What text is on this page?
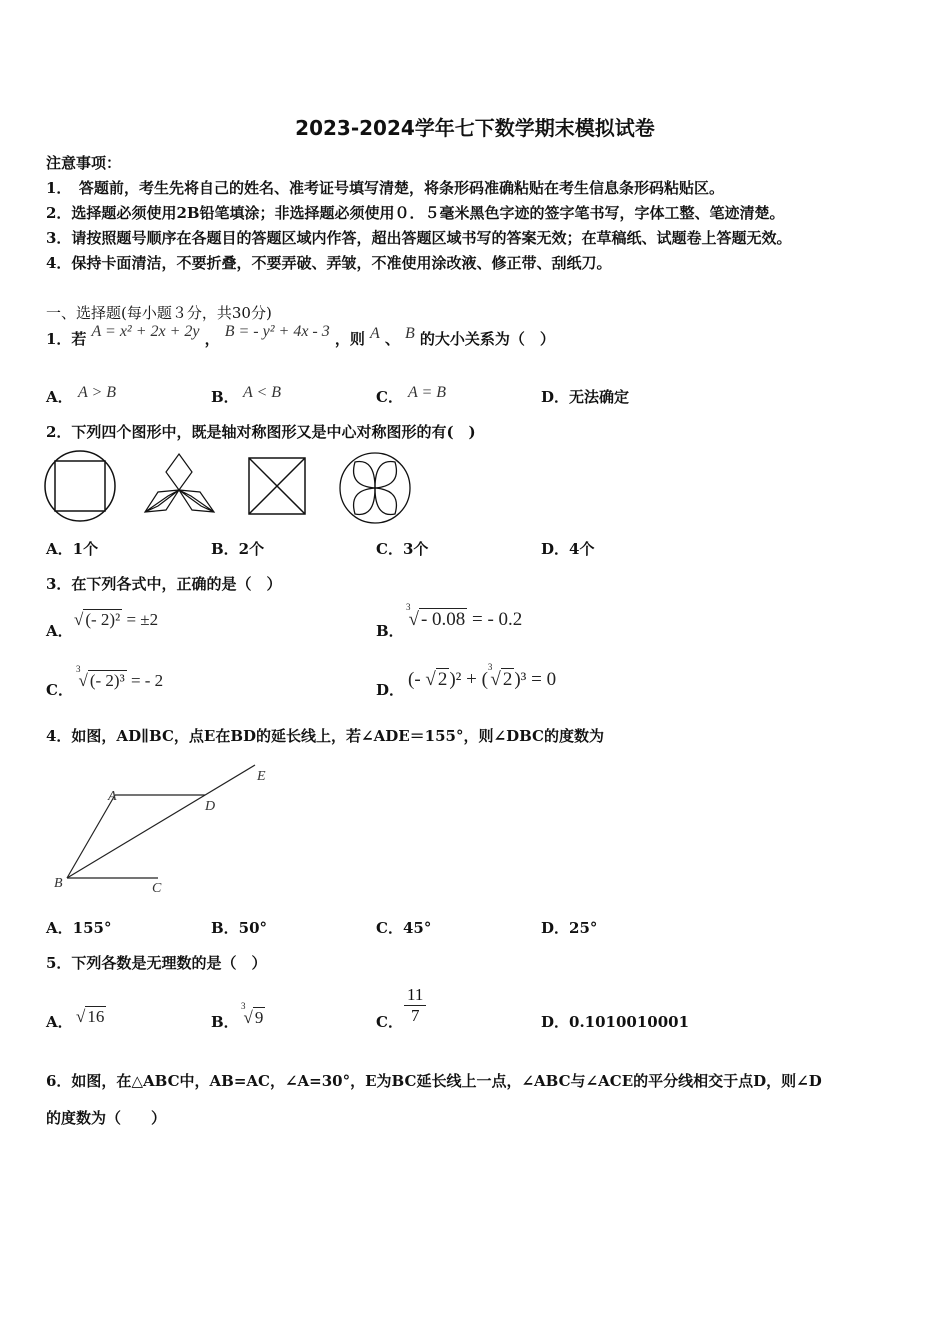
2023-2024学年七下数学期末模拟试卷
注意事项：
1．　答题前，考生先将自己的姓名、准考证号填写清楚，将条形码准确粘贴在考生信息条形码粘贴区。
2．选择题必须使用2B铅笔填涂；非选择题必须使用０．５毫米黑色字迹的签字笔书写，字体工整、笔迹清楚。
3．请按照题号顺序在各题目的答题区域内作答，超出答题区域书写的答案无效；在草稿纸、试题卷上答题无效。
4．保持卡面清洁，不要折叠，不要弄破、弄皱，不准使用涂改液、修正带、刮纸刀。
一、选择题(每小题３分，共30分)
1．若 A = x² + 2x + 2y ， B = - y² + 4x - 3 ，则 A 、 B 的大小关系为（　）
A． A > B	B． A < B	C． A = B	D．无法确定
2．下列四个图形中，既是轴对称图形又是中心对称图形的有(　)
A．1个	B．2个	C．3个	D．4个
3．在下列各式中，正确的是（　）
A．
√ (- 2)² = ±2
B．
$^3$√ - 0.08 = - 0.2
C．
$^3$√ (- 2)³ = - 2	D． (- √ 2 )² + ($^3$√ 2 )³ = 0
4．如图，AD∥BC，点E在BD的延长线上，若∠ADE＝155°，则∠DBC的度数为
A
D
E
B	C
A．155°	B．50°	C．45°	D．25°
5．下列各数是无理数的是（　）
A． √ 16	B．
$^3$√ 9	C． $\frac{11}{7}$	D．0.1010010001
6．如图，在△ABC中，AB=AC，∠A=30°，E为BC延长线上一点，∠ABC与∠ACE的平分线相交于点D，则∠D
的度数为（　　）
